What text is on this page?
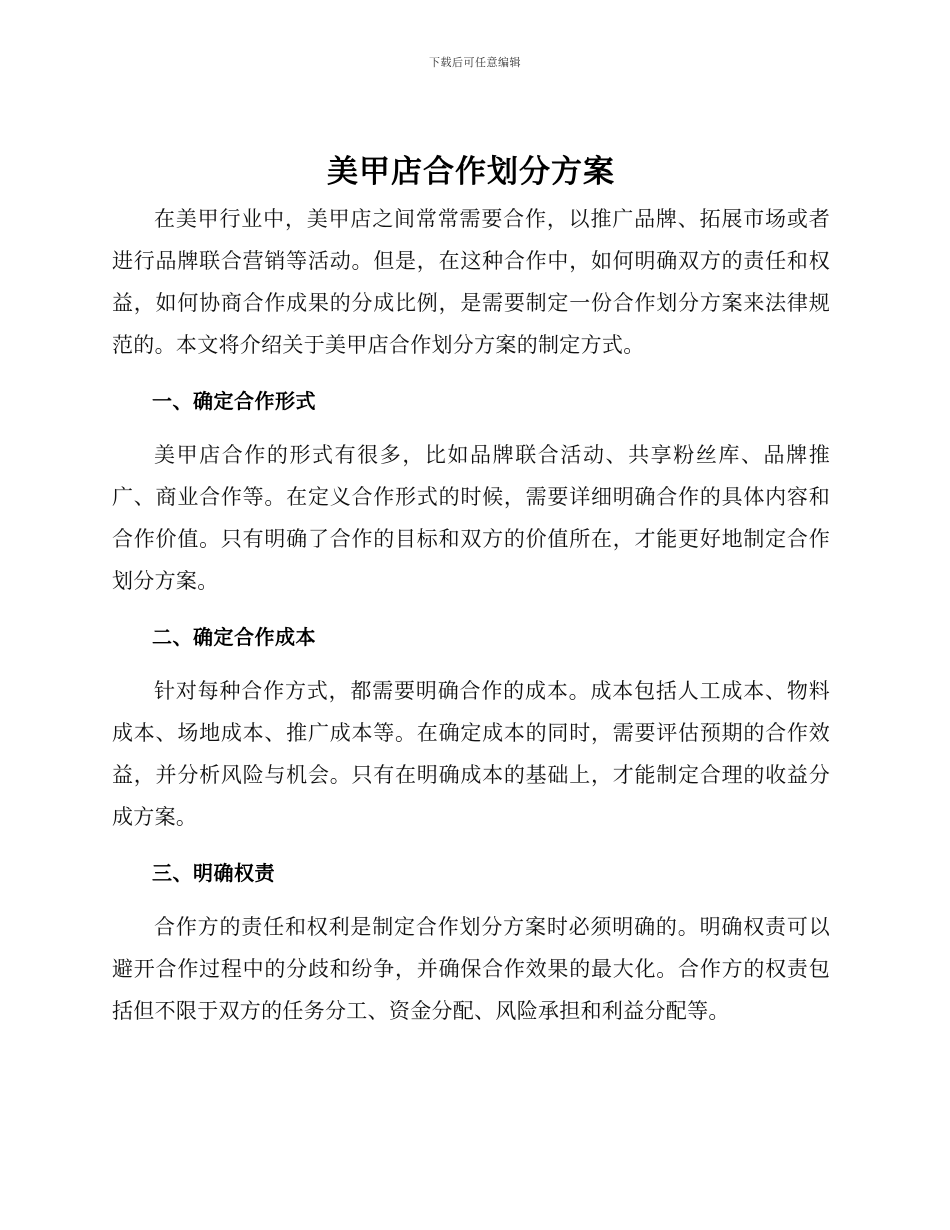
下载后可任意编辑
美甲店合作划分方案

在美甲行业中，美甲店之间常常需要合作，以推广品牌、拓展市场或者进行品牌联合营销等活动。但是，在这种合作中，如何明确双方的责任和权益，如何协商合作成果的分成比例，是需要制定一份合作划分方案来法律规范的。本文将介绍关于美甲店合作划分方案的制定方式。

一、确定合作形式

美甲店合作的形式有很多，比如品牌联合活动、共享粉丝库、品牌推广、商业合作等。在定义合作形式的时候，需要详细明确合作的具体内容和合作价值。只有明确了合作的目标和双方的价值所在，才能更好地制定合作划分方案。

二、确定合作成本

针对每种合作方式，都需要明确合作的成本。成本包括人工成本、物料成本、场地成本、推广成本等。在确定成本的同时，需要评估预期的合作效益，并分析风险与机会。只有在明确成本的基础上，才能制定合理的收益分成方案。

三、明确权责

合作方的责任和权利是制定合作划分方案时必须明确的。明确权责可以避开合作过程中的分歧和纷争，并确保合作效果的最大化。合作方的权责包括但不限于双方的任务分工、资金分配、风险承担和利益分配等。
